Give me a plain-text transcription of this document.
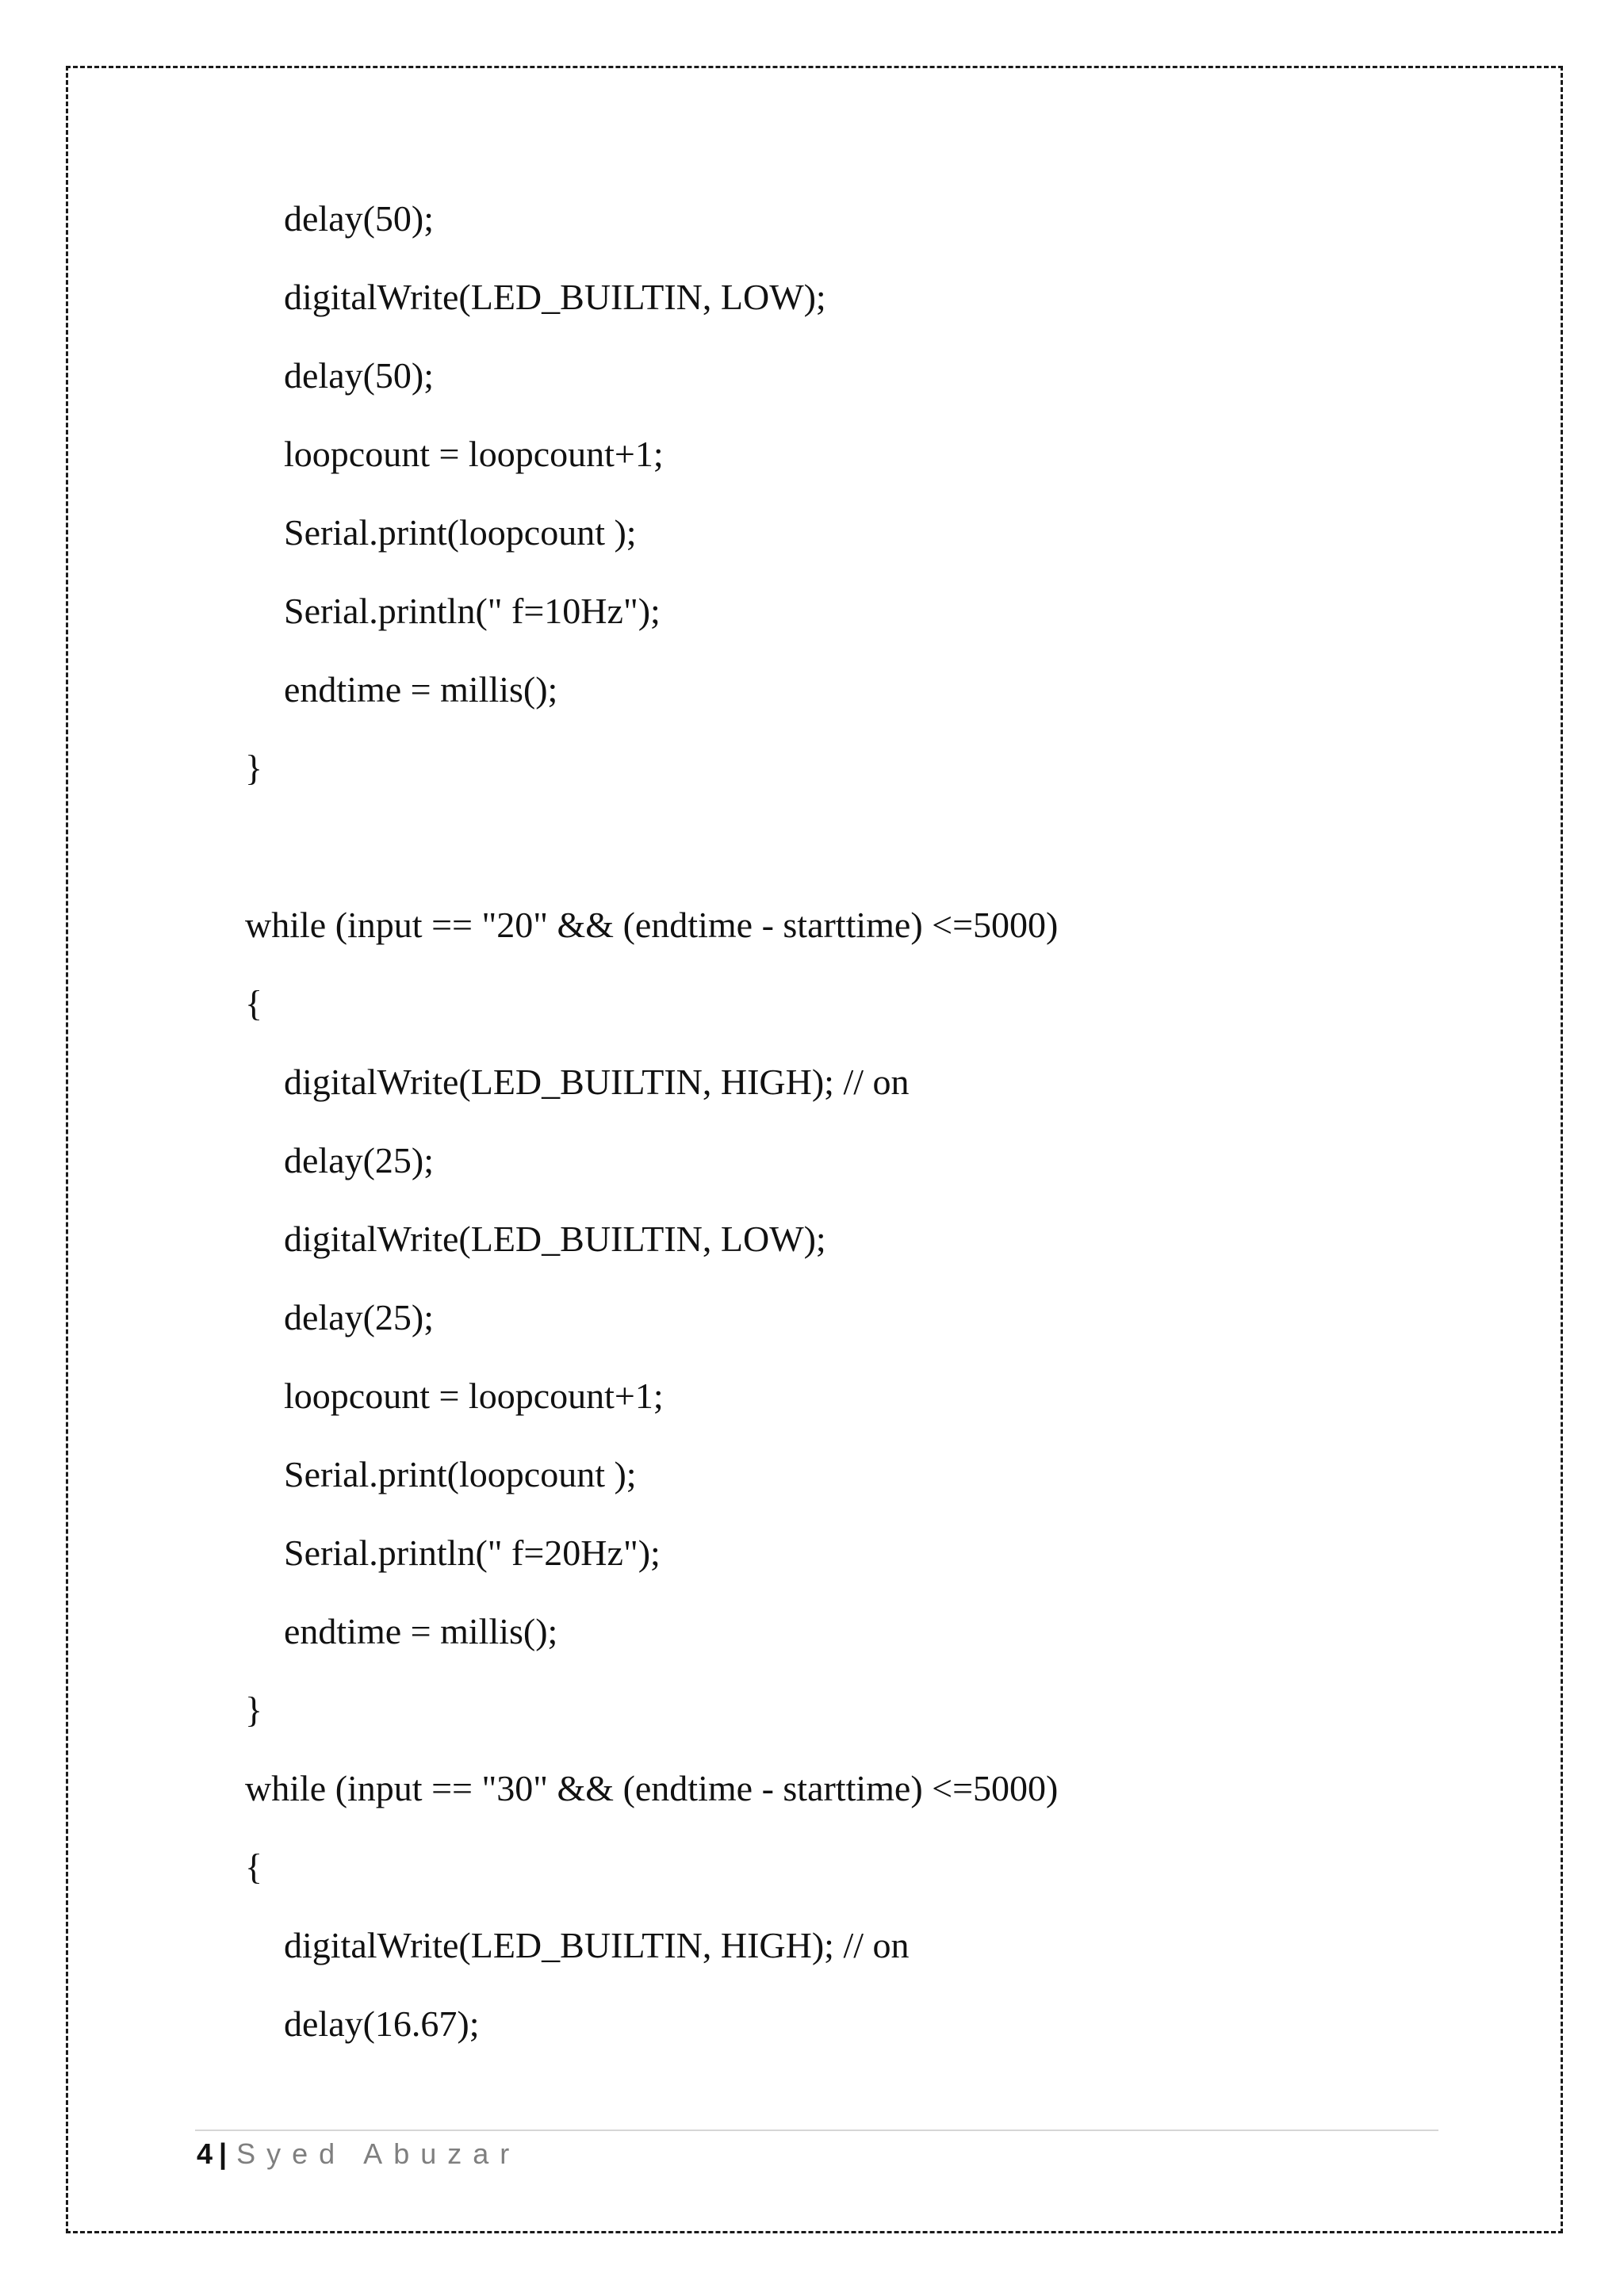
delay(50);
digitalWrite(LED_BUILTIN, LOW);
delay(50);
loopcount = loopcount+1;
Serial.print(loopcount );
Serial.println(" f=10Hz");
endtime = millis();
}
while (input == "20" && (endtime - starttime) <=5000)
{
digitalWrite(LED_BUILTIN, HIGH); // on
delay(25);
digitalWrite(LED_BUILTIN, LOW);
delay(25);
loopcount = loopcount+1;
Serial.print(loopcount );
Serial.println(" f=20Hz");
endtime = millis();
}
while (input == "30" && (endtime - starttime) <=5000)
{
digitalWrite(LED_BUILTIN, HIGH); // on
delay(16.67);
4 | Syed Abuzar
